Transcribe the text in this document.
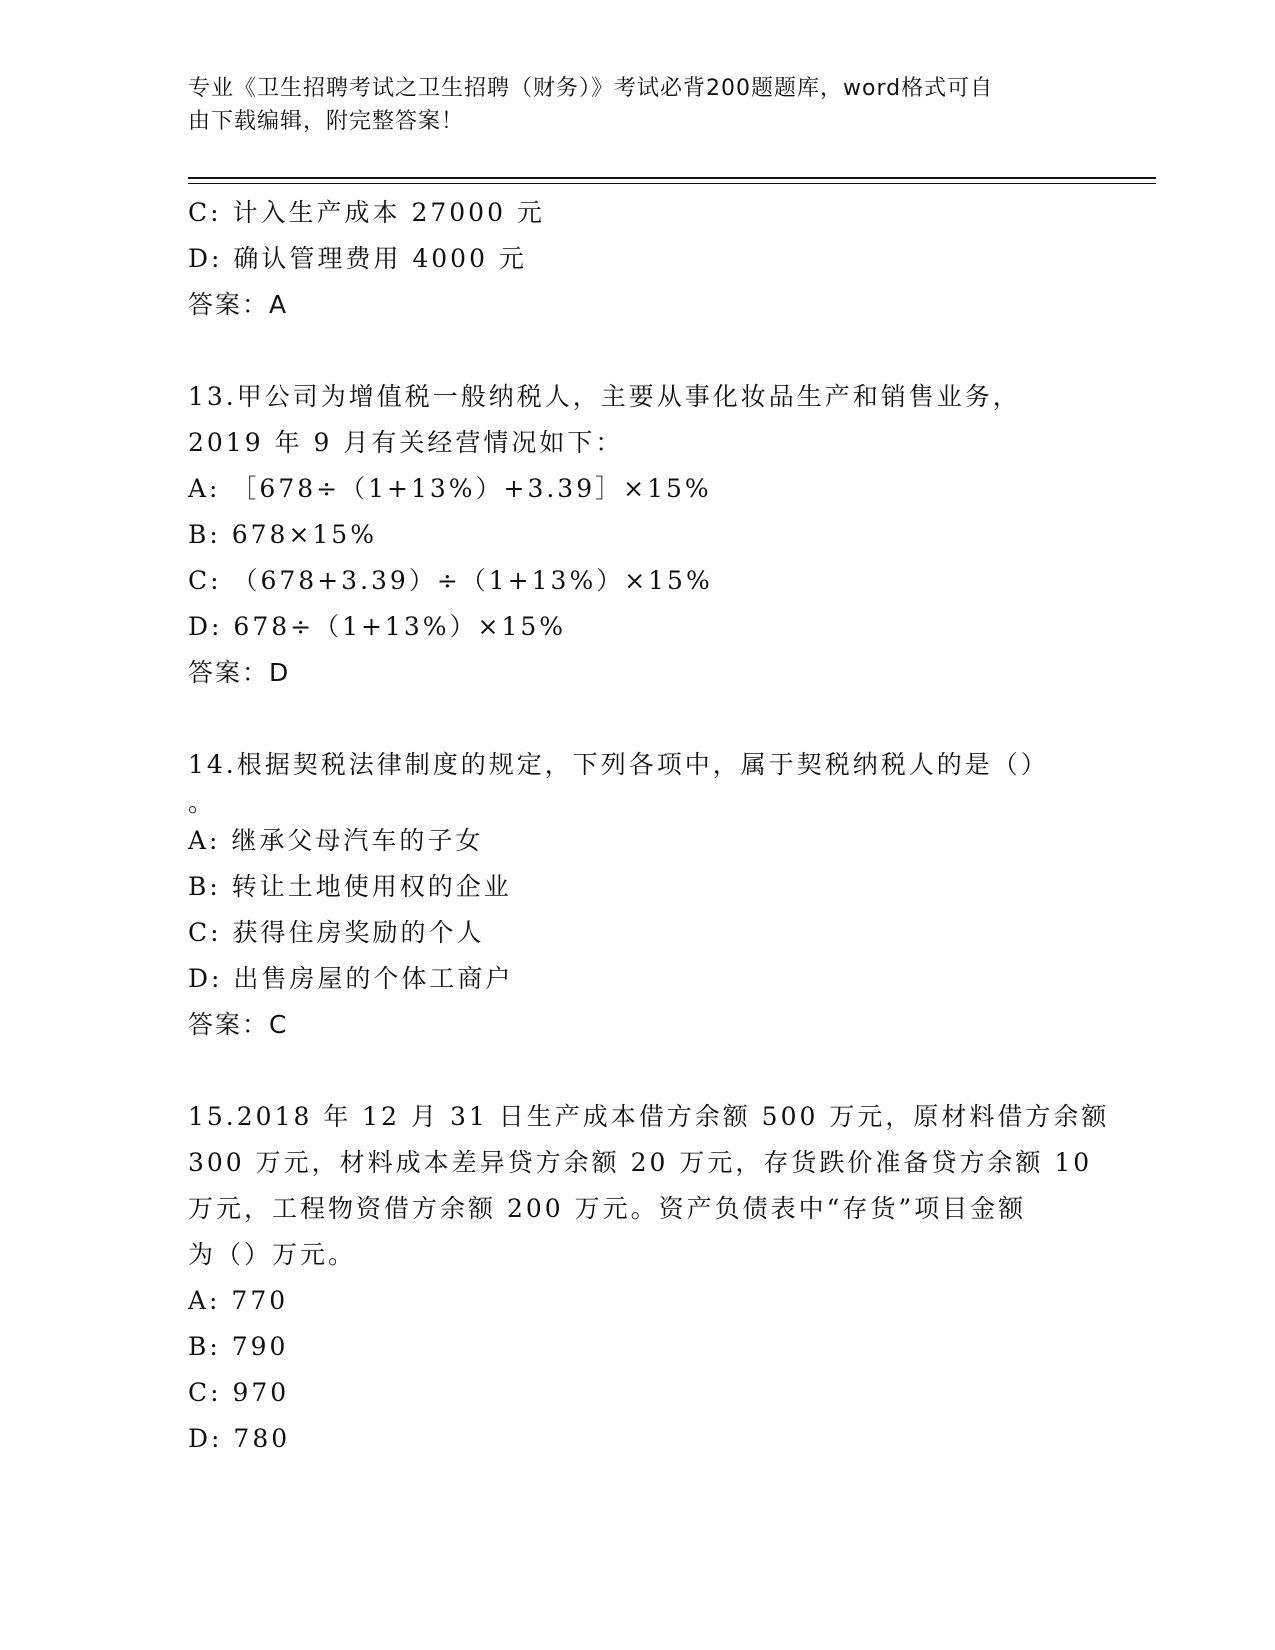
专业《卫生招聘考试之卫生招聘（财务）》考试必背200题题库，word格式可自
由下载编辑，附完整答案！
C: 计入生产成本 27000 元
D: 确认管理费用 4000 元
答案：A
13.甲公司为增值税一般纳税人，主要从事化妆品生产和销售业务，
2019 年 9 月有关经营情况如下：
A: ［678÷（1+13%）+3.39］×15%
B: 678×15%
C: （678+3.39）÷（1+13%）×15%
D: 678÷（1+13%）×15%
答案：D
14.根据契税法律制度的规定，下列各项中，属于契税纳税人的是（）
。
A: 继承父母汽车的子女
B: 转让土地使用权的企业
C: 获得住房奖励的个人
D: 出售房屋的个体工商户
答案：C
15.2018 年 12 月 31 日生产成本借方余额 500 万元，原材料借方余额
300 万元，材料成本差异贷方余额 20 万元，存货跌价准备贷方余额 10
万元，工程物资借方余额 200 万元。资产负债表中“存货”项目金额
为（）万元。
A: 770
B: 790
C: 970
D: 780
